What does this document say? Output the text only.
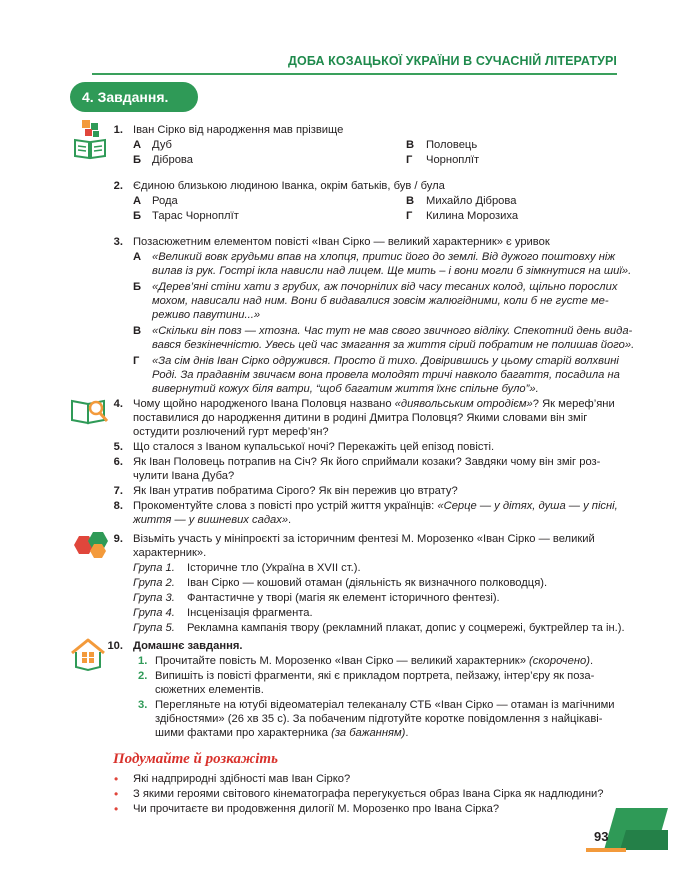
ДОБА КОЗАЦЬКОЇ УКРАЇНИ В СУЧАСНІЙ ЛІТЕРАТУРІ
4. Завдання.
1. Іван Сірко від народження мав прізвище
А Дуб	В Половець
Б Діброва	Г Чорноплїт
2. Єдиною близькою людиною Іванка, окрім батьків, був / була
А Рода	В Михайло Діброва
Б Тарас Чорноплїт	Г Килина Морозиха
3. Позасюжетним елементом повісті «Іван Сірко — великий характерник» є уривок
А «Великий вовк грудьми впав на хлопця, притис його до землі. Від дужого поштовху ніж
вилав із рук. Гострі ікла нависли над лицем. Ще мить – і вони могли б зімкнутися на шиї».
Б «Дерев’яні стіни хати з грубих, аж почорнілих від часу тесаних колод, щільно порослих
мохом, нависали над ним. Вони б видавалися зовсім жалюгідними, коли б не густе ме-
реживо павутини...»
В «Скільки він повз — хтозна. Час тут не мав свого звичного відліку. Спекотний день вида-
вався безкінечністю. Увесь цей час змагання за життя сірий побратим не полишав його».
Г «За сім днів Іван Сірко одружився. Просто й тихо. Довірившись у цьому старій волхвині
Роді. За прадавнім звичаєм вона провела молодят тричі навколо багаття, посадила на
вивернутий кожух біля ватри, “щоб багатим життя їхнє спільне було”».
4. Чому щойно народженого Івана Половця названо «диявольським отродієм»? Як мереф’яни
поставилися до народження дитини в родині Дмитра Половця? Якими словами він зміг
остудити розлючений гурт мереф’ян?
5. Що сталося з Іваном купальської ночі? Перекажіть цей епізод повісті.
6. Як Іван Половець потрапив на Січ? Як його сприймали козаки? Завдяки чому він зміг роз-
чулити Івана Дуба?
7. Як Іван утратив побратима Сірого? Як він пережив цю втрату?
8. Прокоментуйте слова з повісті про устрій життя українців: «Серце — у дітях, душа — у пісні,
життя — у вишневих садах».
9. Візьміть участь у мініпроєкті за історичним фентезі М. Морозенко «Іван Сірко — великий
характерник».
Група 1. Історичне тло (Україна в XVII ст.).
Група 2. Іван Сірко — кошовий отаман (діяльність як визначного полководця).
Група 3. Фантастичне у творі (магія як елемент історичного фентезі).
Група 4. Інсценізація фрагмента.
Група 5. Рекламна кампанія твору (рекламний плакат, допис у соцмережі, буктрейлер та ін.).
10. Домашнє завдання.
1. Прочитайте повість М. Морозенко «Іван Сірко — великий характерник» (скорочено).
2. Випишіть із повісті фрагменти, які є прикладом портрета, пейзажу, інтер’єру як поза-
сюжетних елементів.
3. Перегляньте на ютубі відеоматеріал телеканалу СТБ «Іван Сірко — отаман із магічними
здібностями» (26 хв 35 с). За побаченим підготуйте коротке повідомлення з найцікаві-
шими фактами про характерника (за бажанням).
Подумайте й розкажіть
• Які надприродні здібності мав Іван Сірко?
• З якими героями світового кінематографа перегукується образ Івана Сірка як надлюдини?
• Чи прочитаєте ви продовження дилогії М. Морозенко про Івана Сірка?
93
